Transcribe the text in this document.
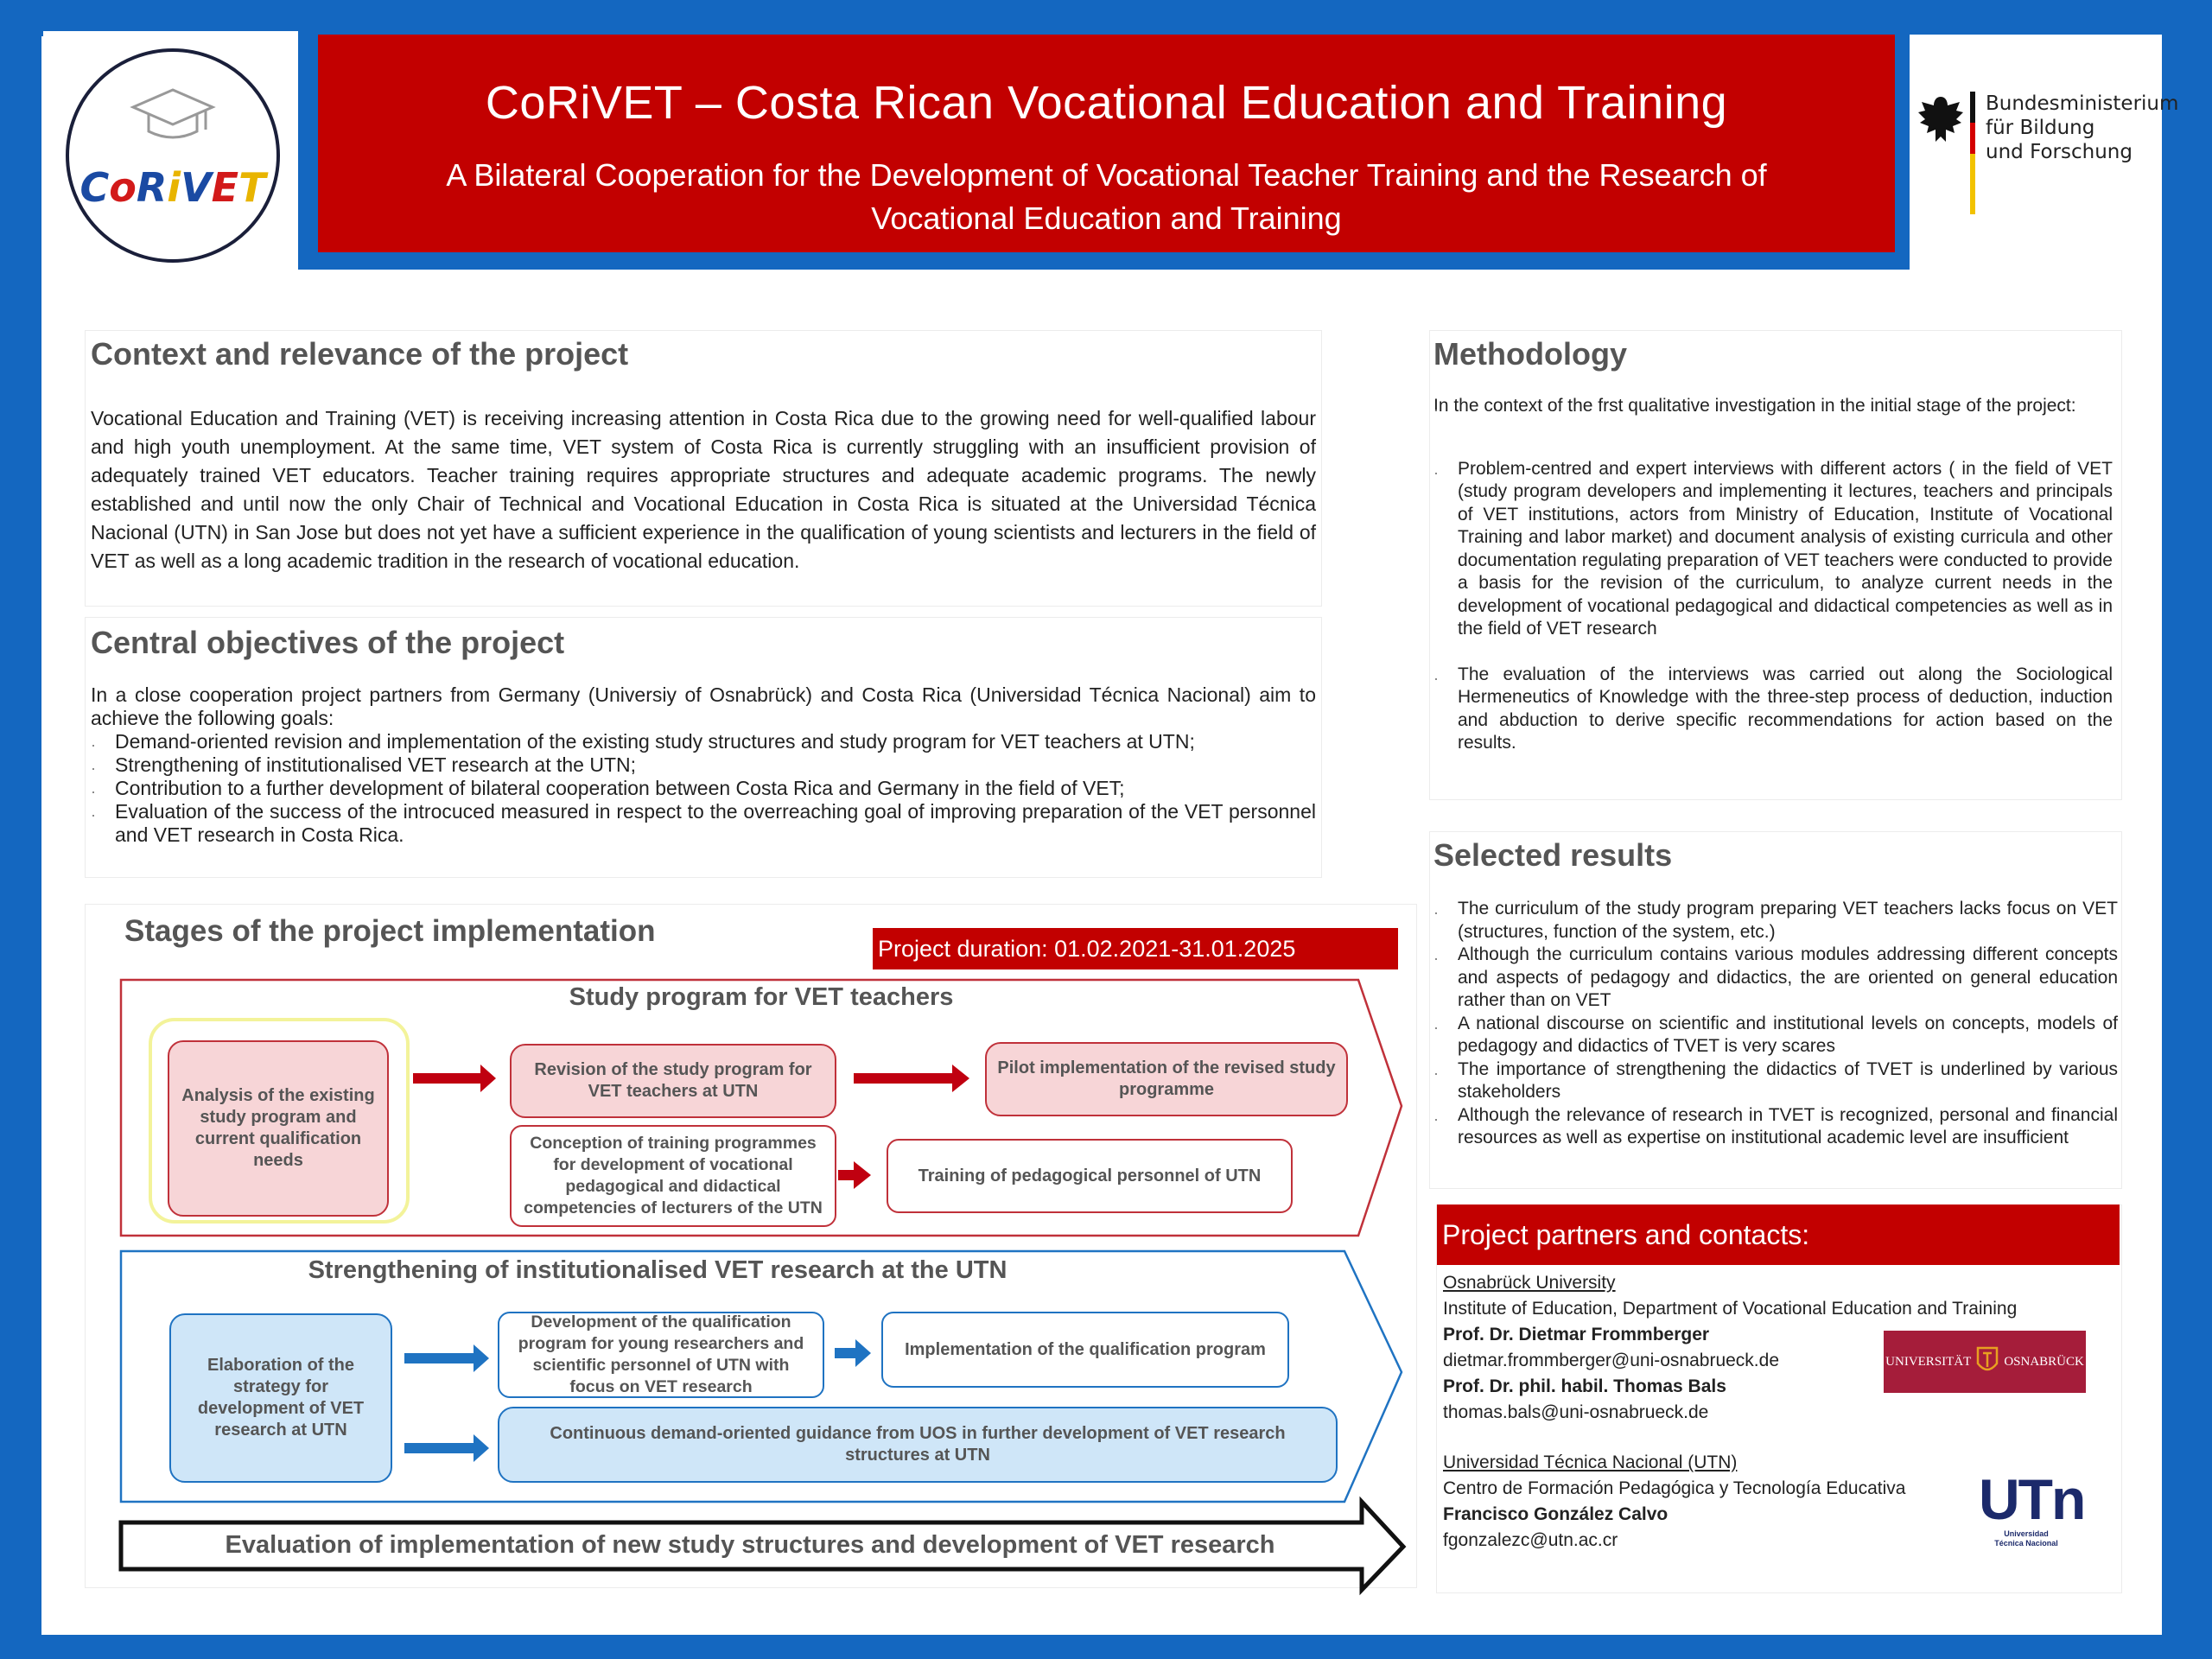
CoRiVET – Costa Rican Vocational Education and Training
A Bilateral Cooperation for the Development of Vocational Teacher Training and the Research of Vocational Education and Training
CoRiVET
Bundesministerium
für Bildung
und Forschung
Context and relevance of the project
Vocational Education and Training (VET) is receiving increasing attention in Costa Rica due to the growing need for well-qualified labour and high youth unemployment. At the same time, VET system of Costa Rica is currently struggling with an insufficient provision of adequately trained VET educators. Teacher training requires appropriate structures and adequate academic programs. The newly established and until now the only Chair of Technical and Vocational Education in Costa Rica is situated at the Universidad Técnica Nacional (UTN) in San Jose but does not yet have a sufficient experience in the qualification of young scientists and lecturers in the field of VET as well as a long academic tradition in the research of vocational education.
Central objectives of the project
In a close cooperation project partners from Germany (Universiy of Osnabrück) and Costa Rica (Universidad Técnica Nacional) aim to achieve the following goals:
· Demand-oriented revision and implementation of the existing study structures and study program for VET teachers at UTN;
· Strengthening of institutionalised VET research at the UTN;
· Contribution to a further development of bilateral cooperation between Costa Rica and Germany in the field of VET;
· Evaluation of the success of the introcuced measured in respect to the overreaching goal of improving preparation of the VET personnel and VET research in Costa Rica.
Stages of the project implementation
Project duration: 01.02.2021-31.01.2025
Study program for VET teachers
Analysis of the existing study program and current qualification needs
Revision of the study program for VET teachers at UTN
Pilot implementation of the revised study programme
Conception of training programmes for development of vocational pedagogical and didactical competencies of lecturers of the UTN
Training of pedagogical personnel of UTN
Strengthening of institutionalised VET research at the UTN
Elaboration of the strategy for development of VET research at UTN
Development of the qualification program for young researchers and scientific personnel of UTN with focus on VET research
Implementation of the qualification program
Continuous demand-oriented guidance from UOS in further development of VET research structures at UTN
Evaluation of implementation of new study structures and development of VET research
Methodology
· In the context of the frst qualitative investigation in the initial stage of the project:
· Problem-centred and expert interviews with different actors ( in the field of VET (study program developers and implementing it lectures, teachers and principals of VET institutions, actors from Ministry of Education, Institute of Vocational Training and labor market) and document analysis of existing curricula and other documentation regulating preparation of VET teachers were conducted to provide a basis for the revision of the curriculum, to analyze current needs in the development of vocational pedagogical and didactical competencies as well as in the field of VET research
· The evaluation of the interviews was carried out along the Sociological Hermeneutics of Knowledge with the three-step process of deduction, induction and abduction to derive specific recommendations for action based on the results.
Selected results
· The curriculum of the study program preparing VET teachers lacks focus on VET (structures, function of the system, etc.)
· Although the curriculum contains various modules addressing different concepts and aspects of pedagogy and didactics, the are oriented on general education rather than on VET
· A national discourse on scientific and institutional levels on concepts, models of pedagogy and didactics of TVET is very scares
· The importance of strengthening the didactics of TVET is underlined by various stakeholders
· Although the relevance of research in TVET is recognized, personal and financial resources as well as expertise on institutional academic level are insufficient
Project partners and contacts:
Osnabrück University
Institute of Education, Department of Vocational Education and Training
Prof. Dr. Dietmar Frommberger
dietmar.frommberger@uni-osnabrueck.de
Prof. Dr. phil. habil. Thomas Bals
thomas.bals@uni-osnabrueck.de
UNIVERSITÄT	OSNABRÜCK
Universidad Técnica Nacional (UTN)
Centro de Formación Pedagógica y Tecnología Educativa
Francisco González Calvo
fgonzalezc@utn.ac.cr
UTn
Universidad
Técnica Nacional
